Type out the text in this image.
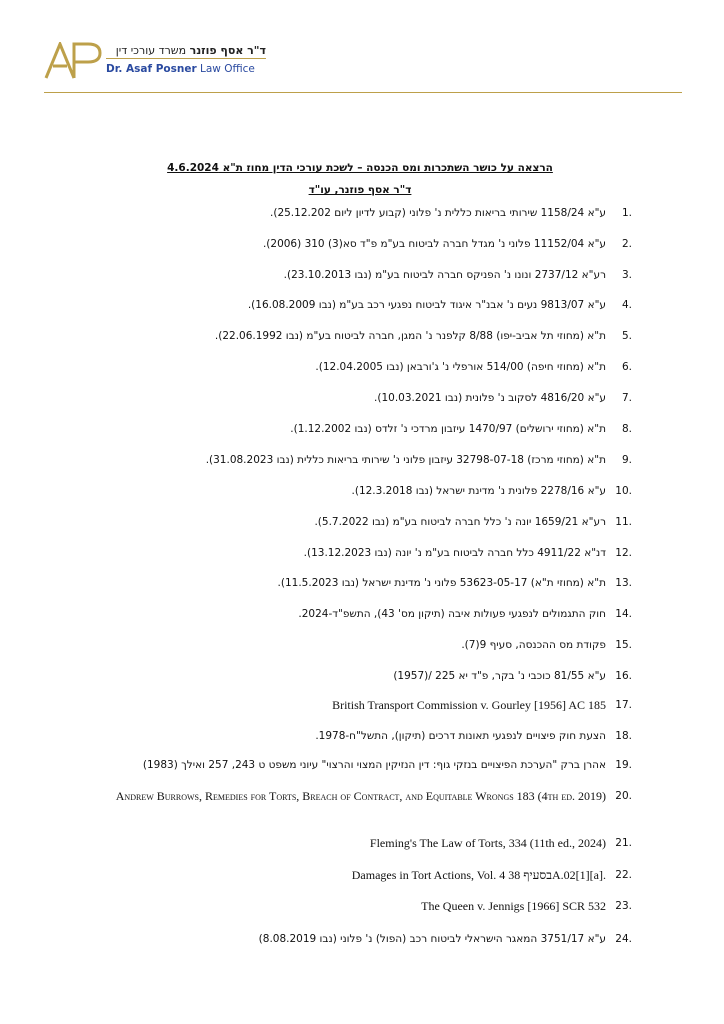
ד"ר אסף פוזנר משרד עורכי דין
Dr. Asaf Posner Law Office
הרצאה על כושר השתכרות ומס הכנסה – לשכת עורכי הדין מחוז ת"א 4.6.2024
ד"ר אסף פוזנר, עו"ד
1.
ע"א 1158/24 שירותי בריאות כללית נ' פלוני (קבוע לדיון ליום 25.12.202).
2.
ע"א 11152/04 פלוני נ' מגדל חברה לביטוח בע"מ פ"ד סא(3) 310 (2006).
3.
רע"א 2737/12 ונונו נ' הפניקס חברה לביטוח בע"מ (נבו 23.10.2013).
4.
ע"א 9813/07 נעים נ' אבנ"ר איגוד לביטוח נפגעי רכב בע"מ (נבו 16.08.2009).
5.
ת"א (מחוזי תל אביב-יפו) 8/88 קלפנר נ' המגן, חברה לביטוח בע"מ (נבו 22.06.1992).
6.
ת"א (מחוזי חיפה) 514/00 אורפלי נ' ג'ורבאן (נבו 12.04.2005).
7.
ע"א 4816/20 לסקוב נ' פלונית (נבו 10.03.2021).
8.
ת"א (מחוזי ירושלים) 1470/97 עיזבון מרדכי נ' זלדס (נבו 1.12.2002).
9.
ת"א (מחוזי מרכז) 32798-07-18 עיזבון פלוני נ' שירותי בריאות כללית (נבו 31.08.2023).
10.
ע"א 2278/16 פלונית נ' מדינת ישראל (נבו 12.3.2018).
11.
רע"א 1659/21 יונה נ' כלל חברה לביטוח בע"מ (נבו 5.7.2022).
12.
דנ"א 4911/22 כלל חברה לביטוח בע"מ נ' יונה (נבו 13.12.2023).
13.
ת"א (מחוזי ת"א) 53623-05-17 פלוני נ' מדינת ישראל (נבו 11.5.2023).
14.
חוק התגמולים לנפגעי פעולות איבה (תיקון מס' 43), התשפ"ד-2024.
15.
פקודת מס ההכנסה, סעיף 9(7).
16.
ע"א 81/55 כוכבי נ' בקר, פ"ד יא 225 /(1957)
17.
British Transport Commission v. Gourley [1956] AC 185
18.
הצעת חוק פיצויים לנפגעי תאונות דרכים (תיקון), התשל"ח-1978.
19.
אהרן ברק "הערכת הפיצויים בנזקי גוף: דין הנזיקין המצוי והרצוי" עיוני משפט ט 243, 257 ואילך (1983)
20.
Andrew Burrows, Remedies for Torts, Breach of Contract, and Equitable Wrongs 183 (4th ed. 2019)
21.
Fleming's The Law of Torts, 334 (11th ed., 2024)
22.
Damages in Tort Actions, Vol. 4 בסעיף 38A.02[1][a].
23.
The Queen v. Jennigs [1966] SCR 532
24.
ע"א 3751/17 המאגר הישראלי לביטוח רכב (הפול) נ' פלוני (נבו 8.08.2019)
